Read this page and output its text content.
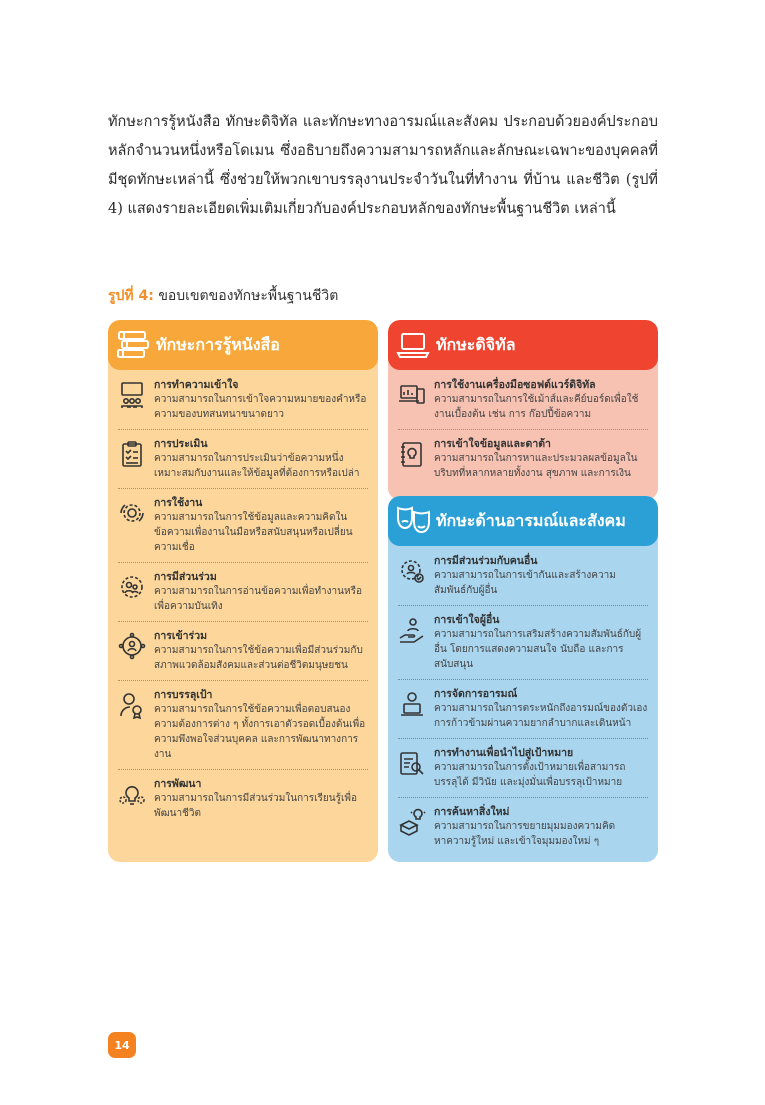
ทักษะการรู้หนังสือ ทักษะดิจิทัล และทักษะทางอารมณ์และสังคม ประกอบด้วยองค์ประกอบหลักจำนวนหนึ่งหรือโดเมน ซึ่งอธิบายถึงความสามารถหลักและลักษณะเฉพาะของบุคคลที่มีชุดทักษะเหล่านี้ ซึ่งช่วยให้พวกเขาบรรลุงานประจำวันในที่ทำงาน ที่บ้าน และชีวิต (รูปที่ 4) แสดงรายละเอียดเพิ่มเติมเกี่ยวกับองค์ประกอบหลักของทักษะพื้นฐานชีวิต เหล่านี้
รูปที่ 4: ขอบเขตของทักษะพื้นฐานชีวิต
ทักษะการรู้หนังสือ
การทำความเข้าใจ
ความสามารถในการเข้าใจความหมายของคำหรือความของบทสนทนาขนาดยาว
การประเมิน
ความสามารถในการประเมินว่าข้อความหนึ่งเหมาะสมกับงานและให้ข้อมูลที่ต้องการหรือเปล่า
การใช้งาน
ความสามารถในการใช้ข้อมูลและความคิดในข้อความเพื่องานในมือหรือสนับสนุนหรือเปลี่ยนความเชื่อ
การมีส่วนร่วม
ความสามารถในการอ่านข้อความเพื่อทำงานหรือเพื่อความบันเทิง
การเข้าร่วม
ความสามารถในการใช้ข้อความเพื่อมีส่วนร่วมกับสภาพแวดล้อมสังคมและส่วนต่อชีวิตมนุษยชน
การบรรลุเป้า
ความสามารถในการใช้ข้อความเพื่อตอบสนองความต้องการต่าง ๆ ทั้งการเอาตัวรอดเบื้องต้นเพื่อความพึงพอใจส่วนบุคคล และการพัฒนาทางการงาน
การพัฒนา
ความสามารถในการมีส่วนร่วมในการเรียนรู้เพื่อพัฒนาชีวิต
ทักษะดิจิทัล
การใช้งานเครื่องมือซอฟต์แวร์ดิจิทัล
ความสามารถในการใช้เม้าส์และคีย์บอร์ดเพื่อใช้งานเบื้องต้น เช่น การ ก๊อปปี้ข้อความ
การเข้าใจข้อมูลและดาต้า
ความสามารถในการหาและประมวลผลข้อมูลในบริบทที่หลากหลายทั้งงาน สุขภาพ และการเงิน
ทักษะด้านอารมณ์และสังคม
การมีส่วนร่วมกับคนอื่น
ความสามารถในการเข้ากันและสร้างความสัมพันธ์กับผู้อื่น
การเข้าใจผู้อื่น
ความสามารถในการเสริมสร้างความสัมพันธ์กับผู้อื่น โดยการแสดงความสนใจ นับถือ และการสนับสนุน
การจัดการอารมณ์
ความสามารถในการตระหนักถึงอารมณ์ของตัวเอง การก้าวข้ามผ่านความยากลำบากและเดินหน้า
การทำงานเพื่อนำไปสู่เป้าหมาย
ความสามารถในการตั้งเป้าหมายเพื่อสามารถบรรลุได้ มีวินัย และมุ่งมั่นเพื่อบรรลุเป้าหมาย
การค้นหาสิ่งใหม่
ความสามารถในการขยายมุมมองความคิด หาความรู้ใหม่ และเข้าใจมุมมองใหม่ ๆ
14
